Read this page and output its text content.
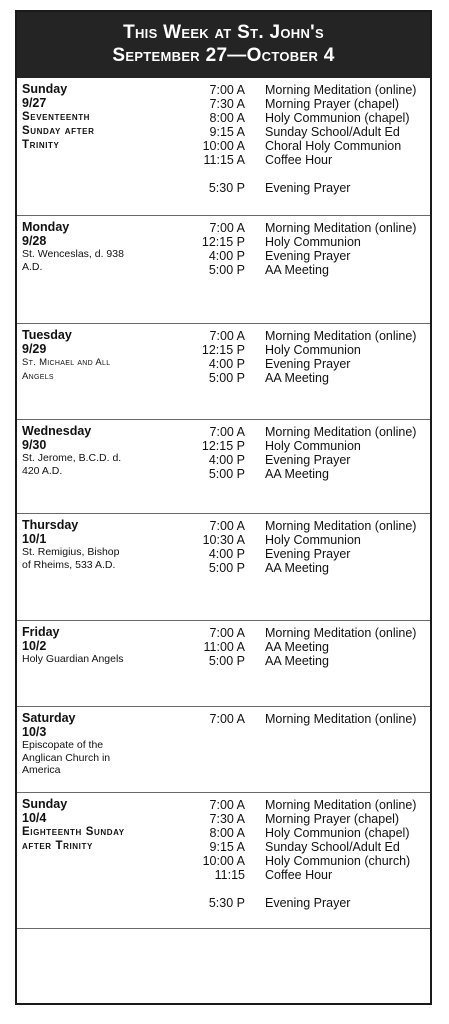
This Week at St. John's
September 27—October 4
Sunday
9/27
Seventeenth Sunday after Trinity
7:00 A Morning Meditation (online)
7:30 A Morning Prayer (chapel)
8:00 A Holy Communion (chapel)
9:15 A Sunday School/Adult Ed
10:00 A Choral Holy Communion
11:15 A Coffee Hour
5:30 P Evening Prayer
Monday
9/28
St. Wenceslas, d. 938 A.D.
7:00 A Morning Meditation (online)
12:15 P Holy Communion
4:00 P Evening Prayer
5:00 P AA Meeting
Tuesday
9/29
St. Michael and All Angels
7:00 A Morning Meditation (online)
12:15 P Holy Communion
4:00 P Evening Prayer
5:00 P AA Meeting
Wednesday
9/30
St. Jerome, B.C.D. d. 420 A.D.
7:00 A Morning Meditation (online)
12:15 P Holy Communion
4:00 P Evening Prayer
5:00 P AA Meeting
Thursday
10/1
St. Remigius, Bishop of Rheims, 533 A.D.
7:00 A Morning Meditation (online)
10:30 A Holy Communion
4:00 P Evening Prayer
5:00 P AA Meeting
Friday
10/2
Holy Guardian Angels
7:00 A Morning Meditation (online)
11:00 A AA Meeting
5:00 P AA Meeting
Saturday
10/3
Episcopate of the Anglican Church in America
7:00 A Morning Meditation (online)
Sunday
10/4
Eighteenth Sunday after Trinity
7:00 A Morning Meditation (online)
7:30 A Morning Prayer (chapel)
8:00 A Holy Communion (chapel)
9:15 A Sunday School/Adult Ed
10:00 A Holy Communion (church)
11:15 Coffee Hour
5:30 P Evening Prayer
